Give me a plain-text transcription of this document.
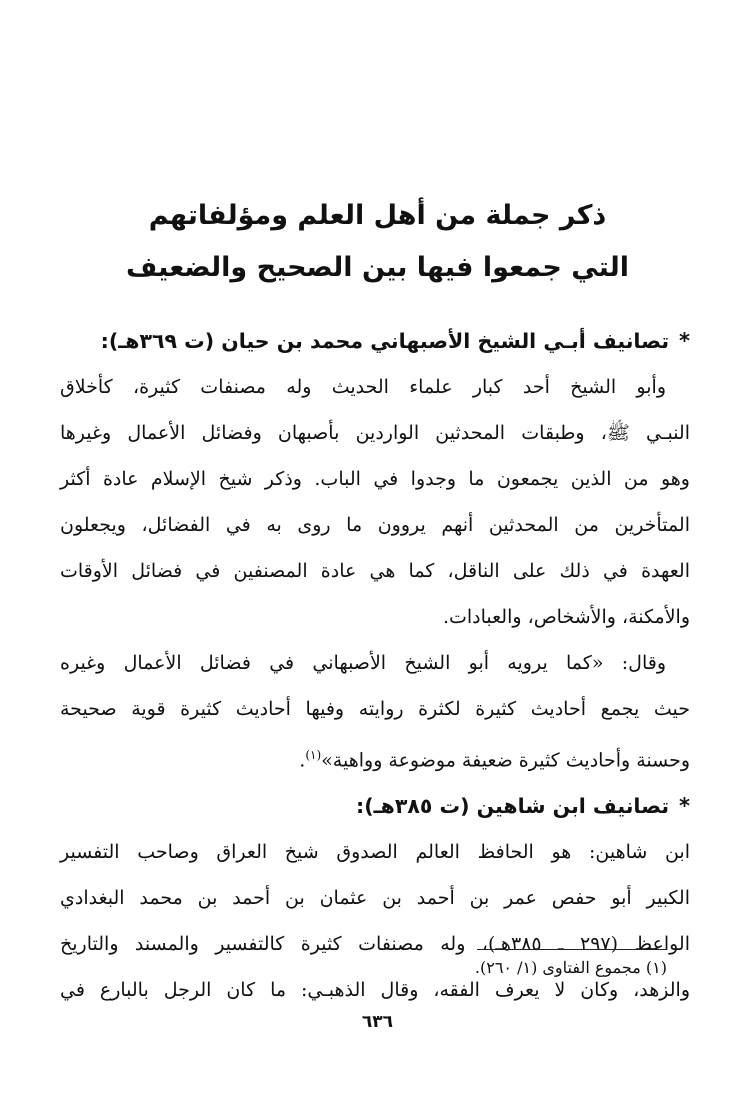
ذكر جملة من أهل العلم ومؤلفاتهم
التي جمعوا فيها بين الصحيح والضعيف
*تصانيف أبـي الشيخ الأصبهاني محمد بن حيان (ت ٣٦٩هـ):
وأبو الشيخ أحد كبار علماء الحديث وله مصنفات كثيرة، كأخلاق
النبـي ﷺ، وطبقات المحدثين الواردين بأصبهان وفضائل الأعمال وغيرها
وهو من الذين يجمعون ما وجدوا في الباب. وذكر شيخ الإسلام عادة أكثر
المتأخرين من المحدثين أنهم يروون ما روى به في الفضائل، ويجعلون
العهدة في ذلك على الناقل، كما هي عادة المصنفين في فضائل الأوقات
والأمكنة، والأشخاص، والعبادات.
وقال: «كما يرويه أبو الشيخ الأصبهاني في فضائل الأعمال وغيره
حيث يجمع أحاديث كثيرة لكثرة روايته وفيها أحاديث كثيرة قوية صحيحة
وحسنة وأحاديث كثيرة ضعيفة موضوعة وواهية»$^{(١)}$.
*تصانيف ابن شاهين (ت ٣٨٥هـ):
ابن شاهين: هو الحافظ العالم الصدوق شيخ العراق وصاحب التفسير
الكبير أبو حفص عمر بن أحمد بن عثمان بن أحمد بن محمد البغدادي
الواعظ (٢٩٧ ـ ٣٨٥هـ)، وله مصنفات كثيرة كالتفسير والمسند والتاريخ
والزهد، وكان لا يعرف الفقه، وقال الذهبـي: ما كان الرجل بالبارع في
(١) مجموع الفتاوى (١/ ٢٦٠).
٦٣٦
